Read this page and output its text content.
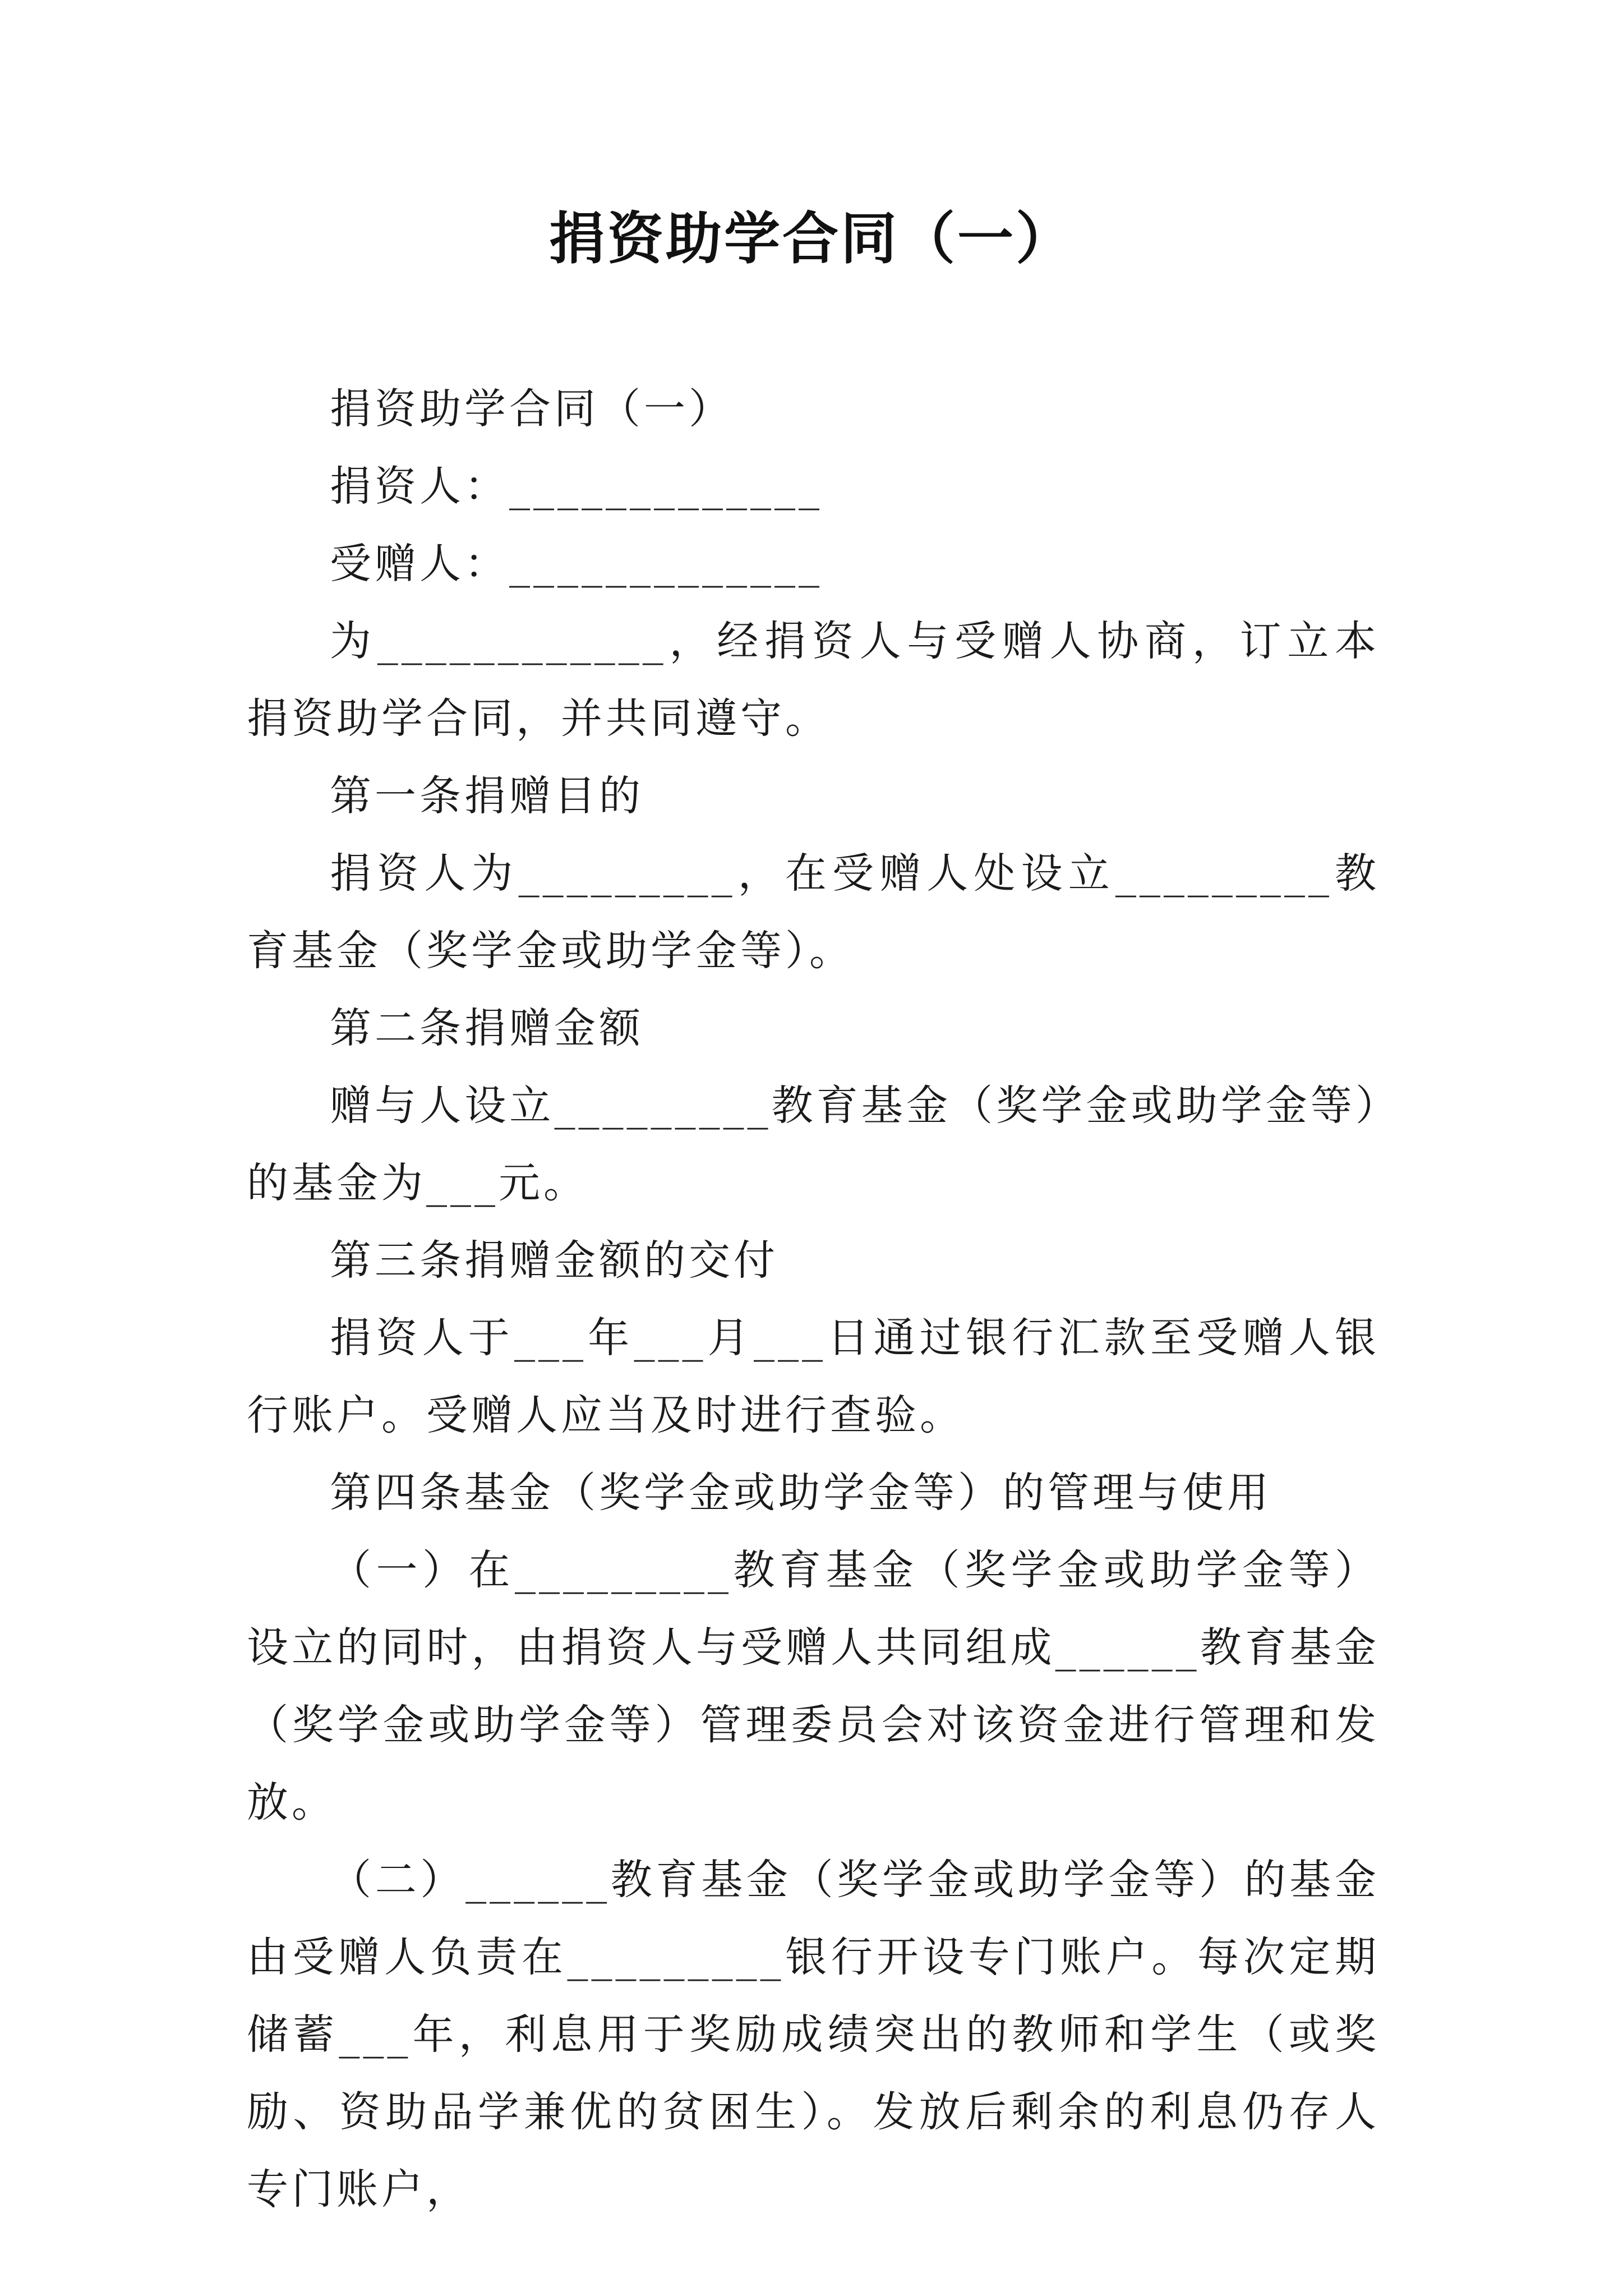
捐资助学合同（一）

捐资助学合同（一）

捐资人：_____________

受赠人：_____________

为____________，经捐资人与受赠人协商，订立本捐资助学合同，并共同遵守。

第一条捐赠目的

捐资人为_________，在受赠人处设立_________教育基金（奖学金或助学金等）。

第二条捐赠金额

赠与人设立_________教育基金（奖学金或助学金等）的基金为___元。

第三条捐赠金额的交付

捐资人于___年___月___日通过银行汇款至受赠人银行账户。受赠人应当及时进行查验。

第四条基金（奖学金或助学金等）的管理与使用

（一）在_________教育基金（奖学金或助学金等）设立的同时，由捐资人与受赠人共同组成______教育基金（奖学金或助学金等）管理委员会对该资金进行管理和发放。

（二）______教育基金（奖学金或助学金等）的基金由受赠人负责在_________银行开设专门账户。每次定期储蓄___年，利息用于奖励成绩突出的教师和学生（或奖励、资助品学兼优的贫困生）。发放后剩余的利息仍存人专门账户，
